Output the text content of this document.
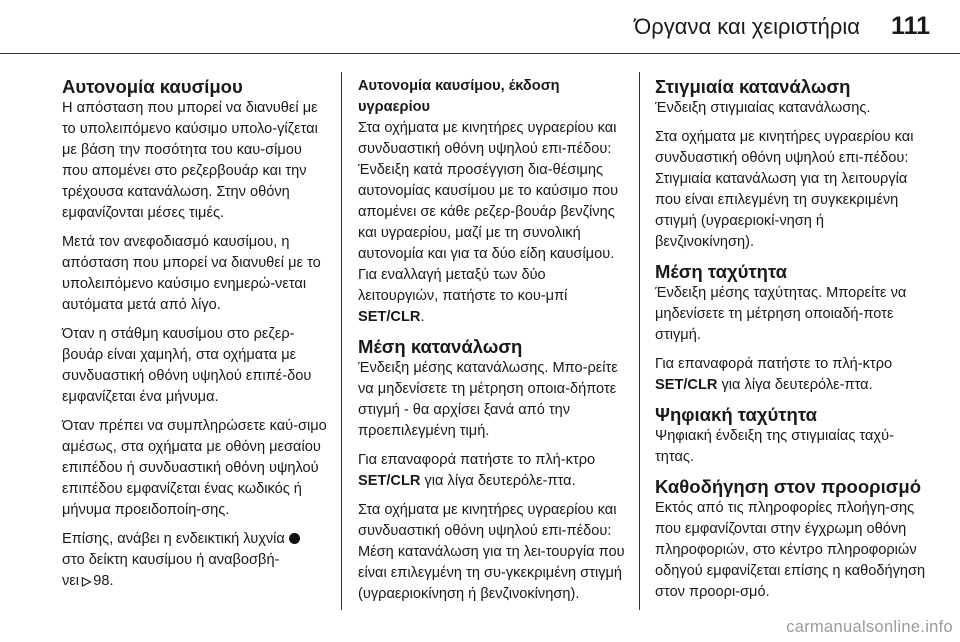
Όργανα και χειριστήρια	111
Αυτονομία καυσίμου

Η απόσταση που μπορεί να διανυθεί με το υπολειπόμενο καύσιμο υπολο-γίζεται με βάση την ποσότητα του καυ-σίμου που απομένει στο ρεζερβουάρ και την τρέχουσα κατανάλωση. Στην οθόνη εμφανίζονται μέσες τιμές.

Μετά τον ανεφοδιασμό καυσίμου, η απόσταση που μπορεί να διανυθεί με το υπολειπόμενο καύσιμο ενημερώ-νεται αυτόματα μετά από λίγο.

Όταν η στάθμη καυσίμου στο ρεζερ-βουάρ είναι χαμηλή, στα οχήματα με συνδυαστική οθόνη υψηλού επιπέ-δου εμφανίζεται ένα μήνυμα.

Όταν πρέπει να συμπληρώσετε καύ-σιμο αμέσως, στα οχήματα με οθόνη μεσαίου επιπέδου ή συνδυαστική οθόνη υψηλού επιπέδου εμφανίζεται ένας κωδικός ή μήνυμα προειδοποίη-σης.

Επίσης, ανάβει η ενδεικτική λυχνία  στο δείκτη καυσίμου ή αναβοσβή-νει ▷ 98.

Αυτονομία καυσίμου, έκδοση υγραερίου

Στα οχήματα με κινητήρες υγραερίου και συνδυαστική οθόνη υψηλού επι-πέδου: Ένδειξη κατά προσέγγιση δια-θέσιμης αυτονομίας καυσίμου με το καύσιμο που απομένει σε κάθε ρεζερ-βουάρ βενζίνης και υγραερίου, μαζί με τη συνολική αυτονομία και για τα δύο είδη καυσίμου. Για εναλλαγή μεταξύ των δύο λειτουργιών, πατήστε το κου-μπί SET/CLR.

Μέση κατανάλωση

Ένδειξη μέσης κατανάλωσης. Μπο-ρείτε να μηδενίσετε τη μέτρηση οποια-δήποτε στιγμή - θα αρχίσει ξανά από την προεπιλεγμένη τιμή.

Για επαναφορά πατήστε το πλή-κτρο SET/CLR για λίγα δευτερόλε-πτα.

Στα οχήματα με κινητήρες υγραερίου και συνδυαστική οθόνη υψηλού επι-πέδου: Μέση κατανάλωση για τη λει-τουργία που είναι επιλεγμένη τη συ-γκεκριμένη στιγμή (υγραεριοκίνηση ή βενζινοκίνηση).

Στιγμιαία κατανάλωση

Ένδειξη στιγμιαίας κατανάλωσης.

Στα οχήματα με κινητήρες υγραερίου και συνδυαστική οθόνη υψηλού επι-πέδου: Στιγμιαία κατανάλωση για τη λειτουργία που είναι επιλεγμένη τη συγκεκριμένη στιγμή (υγραεριοκί-νηση ή βενζινοκίνηση).

Μέση ταχύτητα

Ένδειξη μέσης ταχύτητας. Μπορείτε να μηδενίσετε τη μέτρηση οποιαδή-ποτε στιγμή.

Για επαναφορά πατήστε το πλή-κτρο SET/CLR για λίγα δευτερόλε-πτα.

Ψηφιακή ταχύτητα

Ψηφιακή ένδειξη της στιγμιαίας ταχύ-τητας.

Καθοδήγηση στον προορισμό

Εκτός από τις πληροφορίες πλοήγη-σης που εμφανίζονται στην έγχρωμη οθόνη πληροφοριών, στο κέντρο πληροφοριών οδηγού εμφανίζεται επίσης η καθοδήγηση στον προορι-σμό.

carmanualsonline.info
